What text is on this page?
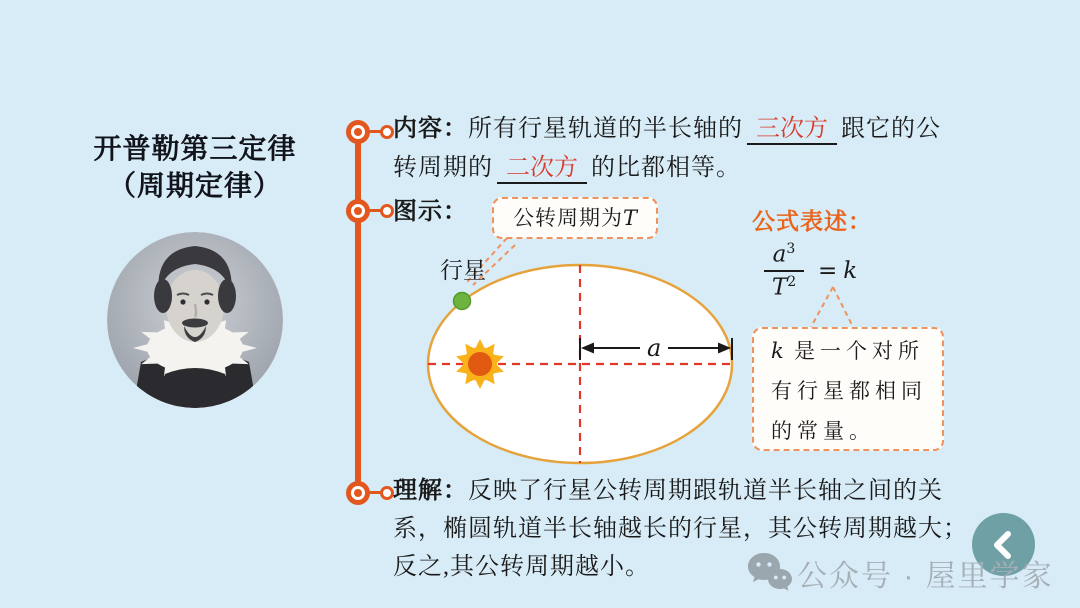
开普勒第三定律
（周期定律）
内容：所有行星轨道的半长轴的 三次方 跟它的公
转周期的 二次方 的比都相等。
图示：
a
公转周期为T
行星
公式表述：
$\frac{a^3}{T^2} = k$
k 是一个对所
有行星都相同
的常量。
理解：反映了行星公转周期跟轨道半长轴之间的关
系，椭圆轨道半长轴越长的行星，其公转周期越大；
反之,其公转周期越小。	公众号 · 屋里学家
